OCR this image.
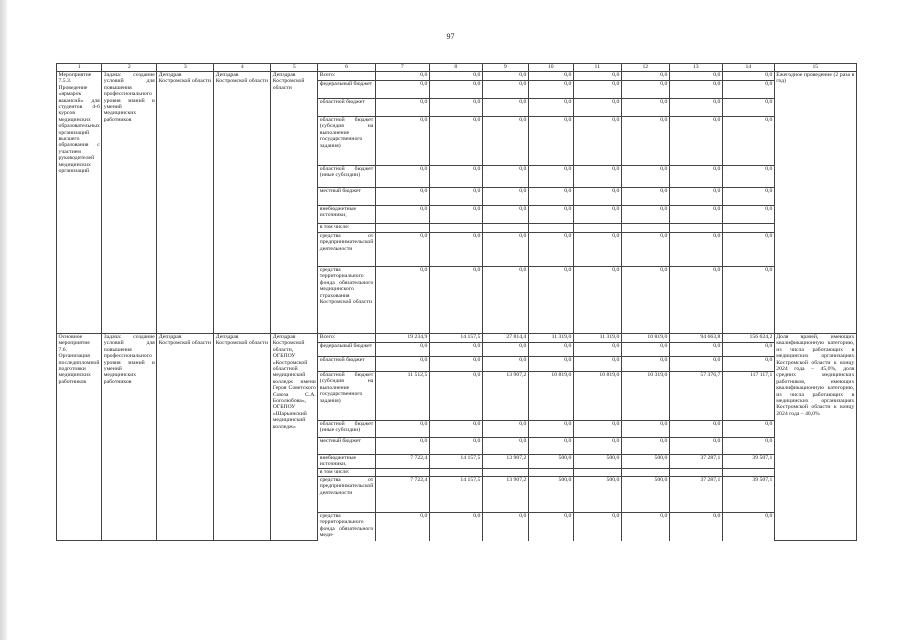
97
1	2	3	4	5	6	7	8	9	10	11	12	13	14	15
Мероприятие 7.5.3. Проведение «ярмарок вакансий» для студентов 4-6 курсов медицинских образовательных организаций высшего образования с участием руководителей медицинских организаций	Задача: создание условий для повышения профессионального уровня знаний и умений медицинских работников	Депздрав Костромской области	Депздрав Костромской области	Депздрав Костромской области	Всего:	0,0	0,0	0,0	0,0	0,0	0,0	0,0	0,0	Ежегодное проведение (2 раза в год)
					федеральный бюджет	0,0	0,0	0,0	0,0	0,0	0,0	0,0	0,0	
					областной бюджет	0,0	0,0	0,0	0,0	0,0	0,0	0,0	0,0	
					областной бюджет (субсидия на выполнение государственного задания)	0,0	0,0	0,0	0,0	0,0	0,0	0,0	0,0	
					областной бюджет (иные субсидии)	0,0	0,0	0,0	0,0	0,0	0,0	0,0	0,0	
					местный бюджет	0,0	0,0	0,0	0,0	0,0	0,0	0,0	0,0	
					внебюджетные источники,	0,0	0,0	0,0	0,0	0,0	0,0	0,0	0,0	
					в том числе:									
					средства от предпринимательской деятельности	0,0	0,0	0,0	0,0	0,0	0,0	0,0	0,0	
					средства территориального фонда обязательного медицинского страхования Костромской области	0,0	0,0	0,0	0,0	0,0	0,0	0,0	0,0	
Основное мероприятие 7.6. Организация последипломной подготовки медицинских работников	Задача: создание условий для повышения профессионального уровня знаний и умений медицинских работников	Депздрав Костромской области	Депздрав Костромской области	Депздрав Костромской области, ОГБПОУ «Костромской областной медицинский колледж имени Героя Советского Союза С.А. Боголюбова», ОГБПОУ «Шарьинский медицинский колледж»	Всего:	19 234,9	14 157,5	27 814,4	11 319,0	11 319,0	10 819,0	94 663,8	156 624,2	Доля врачей, имеющих квалификационную категорию, из числа работающих в медицинских организациях Костромской области к концу 2024 года – 45,0%, доля средних медицинских работников, имеющих квалификационную категорию, из числа работающих в медицинских организациях Костромской области к концу 2024 года – 40,0%
					федеральный бюджет	0,0	0,0	0,0	0,0	0,0	0,0	0,0	0,0	
					областной бюджет	0,0	0,0	0,0	0,0	0,0	0,0	0,0	0,0	
					областной бюджет (субсидия на выполнение государственного задания)	11 512,5	0,0	13 907,2	10 819,0	10 819,0	10 319,0	57 376,7	117 117,1	
					областной бюджет (иные субсидии)	0,0	0,0	0,0	0,0	0,0	0,0	0,0	0,0	
					местный бюджет	0,0	0,0	0,0	0,0	0,0	0,0	0,0	0,0	
					внебюджетные источники,	7 722,4	14 157,5	13 907,2	500,0	500,0	500,0	37 287,1	39 507,1	
					в том числе:									
					средства от предпринимательской деятельности	7 722,4	14 157,5	13 907,2	500,0	500,0	500,0	37 287,1	39 507,1	
					средства территориального фонда обязательного меди-	0,0	0,0	0,0	0,0	0,0	0,0	0,0	0,0	
